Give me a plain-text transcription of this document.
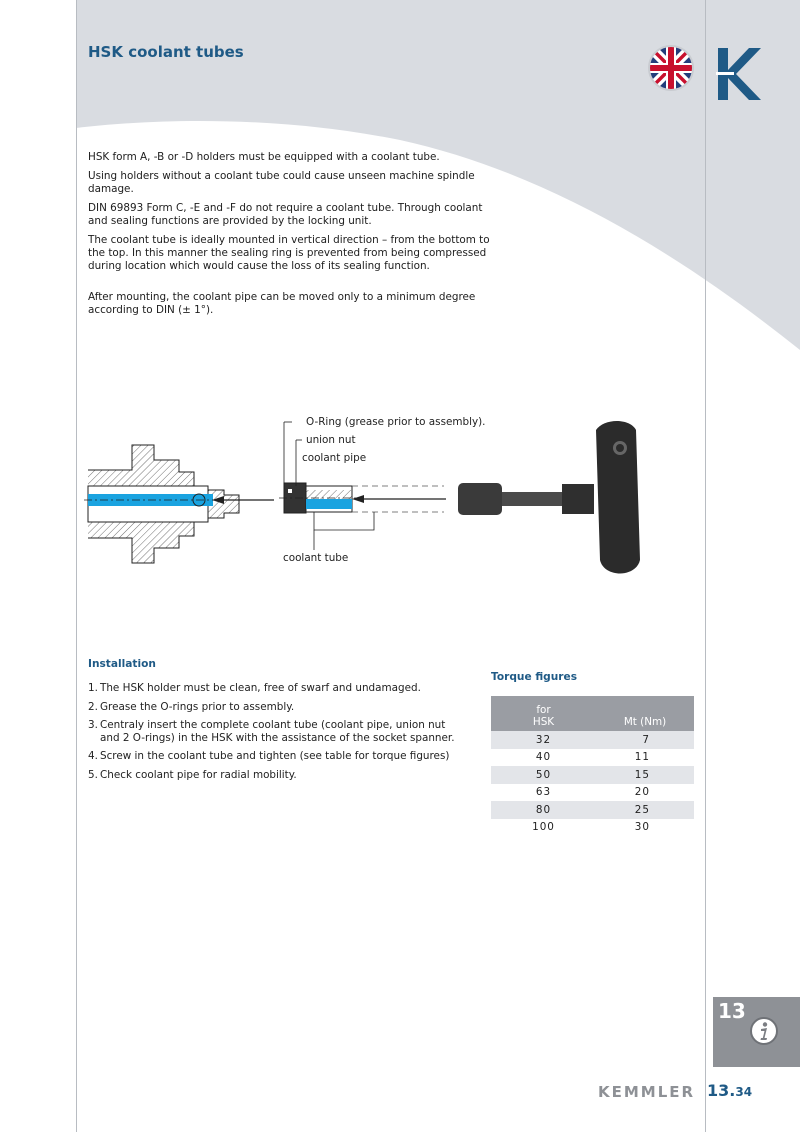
HSK coolant tubes

HSK form A, -B or -D holders must be equipped with a coolant tube.

Using holders without a coolant tube could cause unseen machine spindle damage.

DIN 69893 Form C, -E and -F do not require a coolant tube. Through coolant and sealing functions are provided by the locking unit.

The coolant tube is ideally mounted in vertical direction – from the bottom to the top. In this manner the sealing ring is prevented from being compressed during location which would cause the loss of its sealing function.

After mounting, the coolant pipe can be moved only to a minimum degree according to DIN (± 1°).

O-Ring (grease prior to assembly).
union nut
coolant pipe
coolant tube
Installation
1. The HSK holder must be clean, free of swarf and undamaged.
2. Grease the O-rings prior to assembly.
3. Centraly insert the complete coolant tube (coolant pipe, union nut and 2 O-rings) in the HSK with the assistance of the socket spanner.
4. Screw in the coolant tube and tighten (see table for torque figures)
5. Check coolant pipe for radial mobility.
Torque figures
for
HSK	Mt (Nm)
32	7
40	11
50	15
63	20
80	25
100	30
13
KEMMLER 13.34
